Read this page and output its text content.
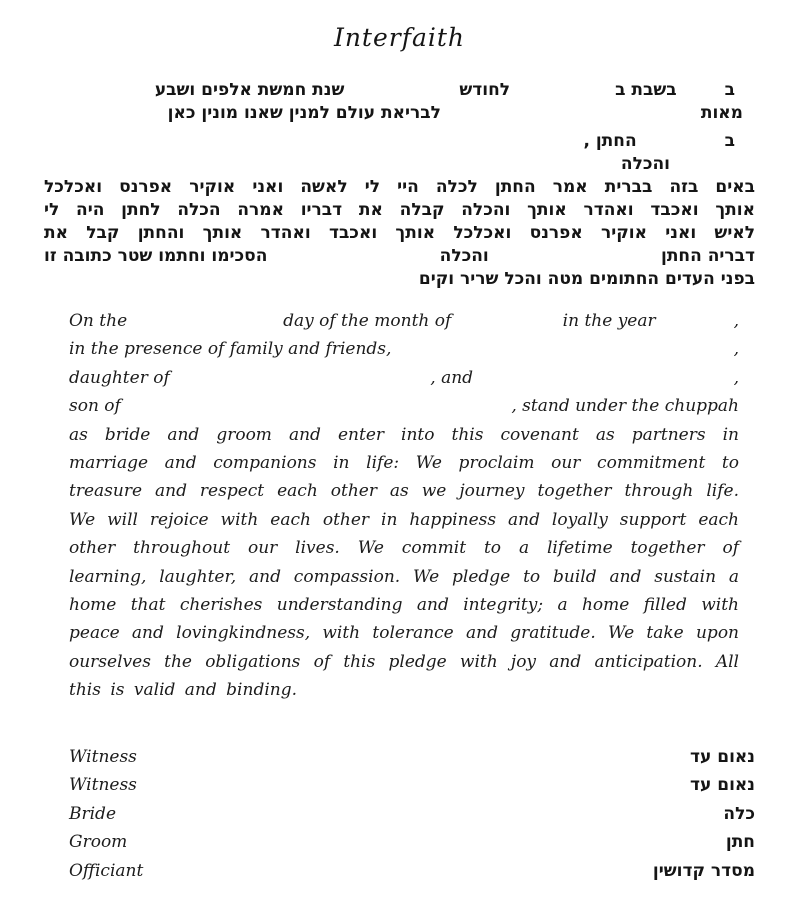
Interfaith
ב
בשבת ב
לחודש
שנת חמשת אלפים ושבע
מאות
לבריאת עולם למנין שאנו מונין כאן
ב
החתן ,
והכלה
באים בזה בברית אמר החתן לכלה היי לי לאשה ואני אוקיר אפרנס ואכלכל
אותך ואכבד ואהדר אותך והכלה קבלה את דבריו אמרה הכלה לחתן היה לי
לאיש ואני אוקיר אפרנס ואכלכל אותך ואכבד ואהדר אותך והחתן קבל את
דבריה החתן
והכלה
הסכימו וחתמו שטר כתובה זו
בפני העדים החתומים מטה והכל שריר וקים
On the	day of the month of	in the year	,
in the presence of family and friends,	,
daughter of	, and	,
son of	, stand under the chuppah
as bride and groom and enter into this covenant as partners in
marriage and companions in life: We proclaim our commitment to
treasure and respect each other as we journey together through life.
We will rejoice with each other in happiness and loyally support each
other throughout our lives. We commit to a lifetime together of
learning, laughter, and compassion. We pledge to build and sustain a
home that cherishes understanding and integrity; a home filled with
peace and lovingkindness, with tolerance and gratitude. We take upon
ourselves the obligations of this pledge with joy and anticipation. All
this is valid and binding.
Witness	נאום עד
Witness	נאום עד
Bride	כלה
Groom	חתן
Officiant	מסדר קדושין
